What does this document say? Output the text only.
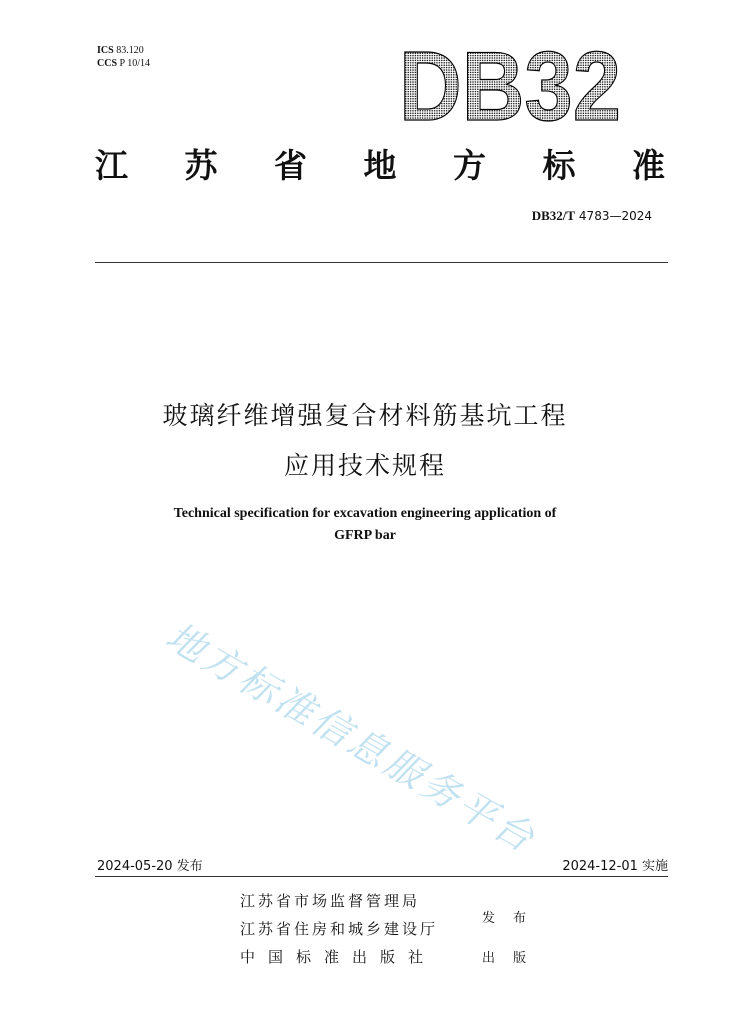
ICS 83.120
CCS P 10/14	DB32
江 苏 省 地 方 标 准
DB32/T 4783—2024
玻璃纤维增强复合材料筋基坑工程
应用技术规程
Technical specification for excavation engineering application of
GFRP bar
地方标准信息服务平台
2024-05-20 发布	2024-12-01 实施
江苏省市场监督管理局
江苏省住房和城乡建设厅
中国标准出版社
发布
出版
